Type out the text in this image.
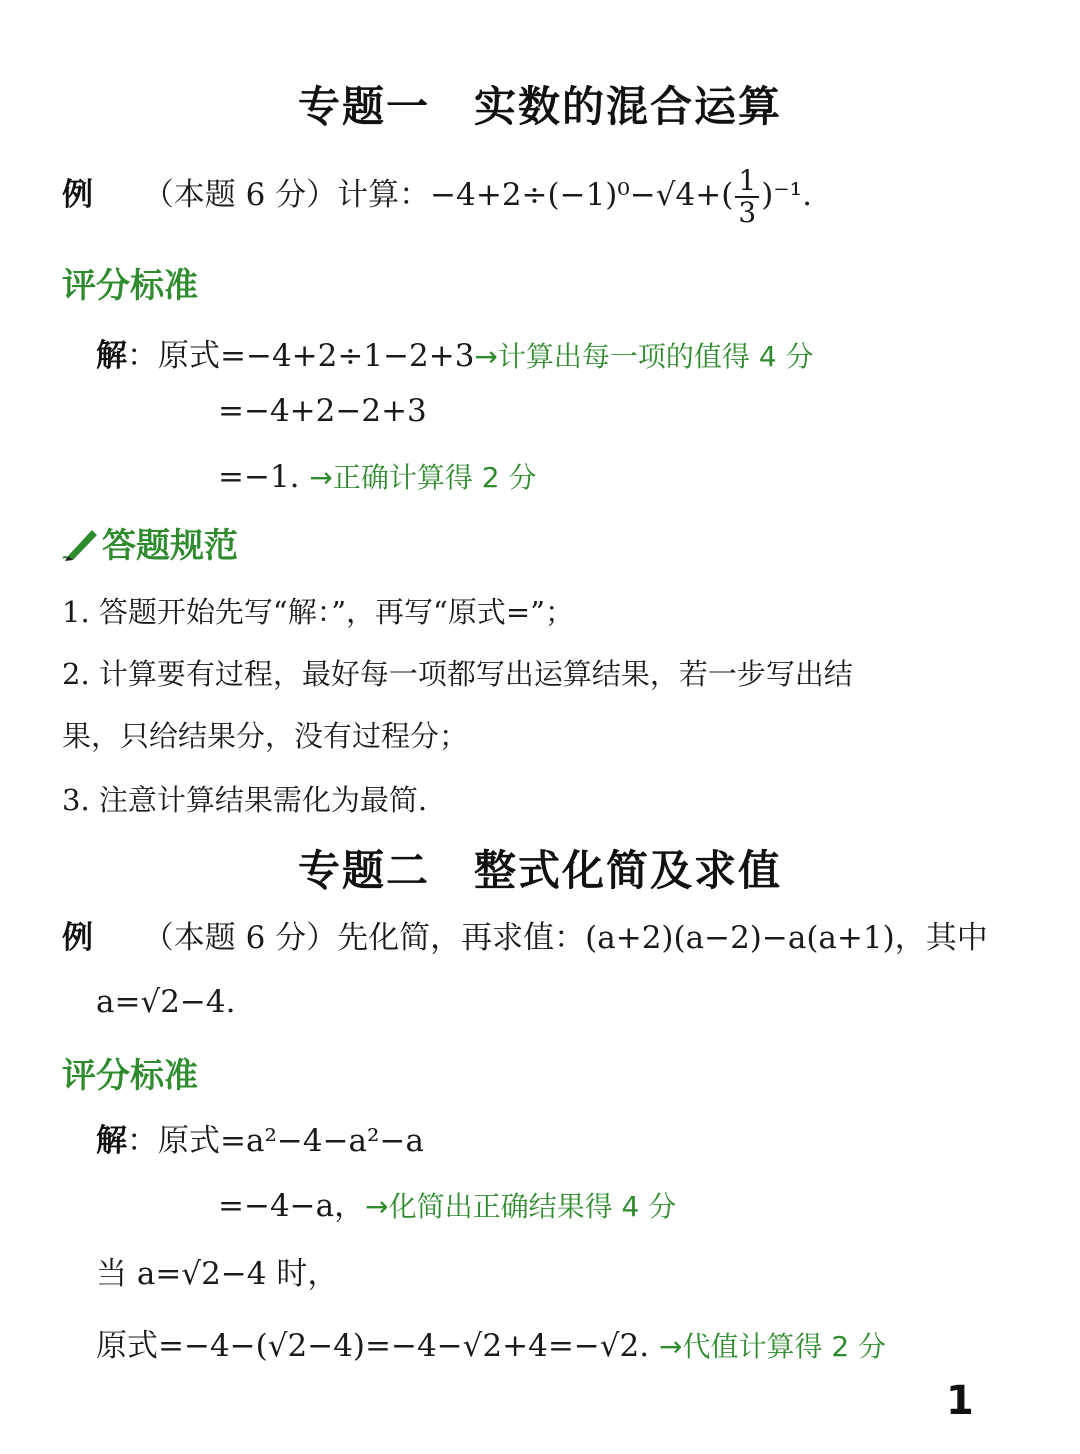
专题一　实数的混合运算
例 （本题 6 分）计算：$-4+2\div(-1)^0-√4+( \frac{1}{3} )^{-1}$.
评分标准
解：原式=−4+2÷1−2+3→计算出每一项的值得 4 分
=−4+2−2+3
=−1. →正确计算得 2 分
答题规范
1. 答题开始先写“解：”，再写“原式=”；
2. 计算要有过程，最好每一项都写出运算结果，若一步写出结
果，只给结果分，没有过程分；
3. 注意计算结果需化为最简.
专题二　整式化简及求值
例 （本题 6 分）先化简，再求值：(a+2)(a−2)−a(a+1)，其中
a=√2−4.
评分标准
解：原式=a²−4−a²−a
=−4−a，→化简出正确结果得 4 分
当 a=√2−4 时，
原式=−4−(√2−4)=−4−√2+4=−√2. →代值计算得 2 分
1
